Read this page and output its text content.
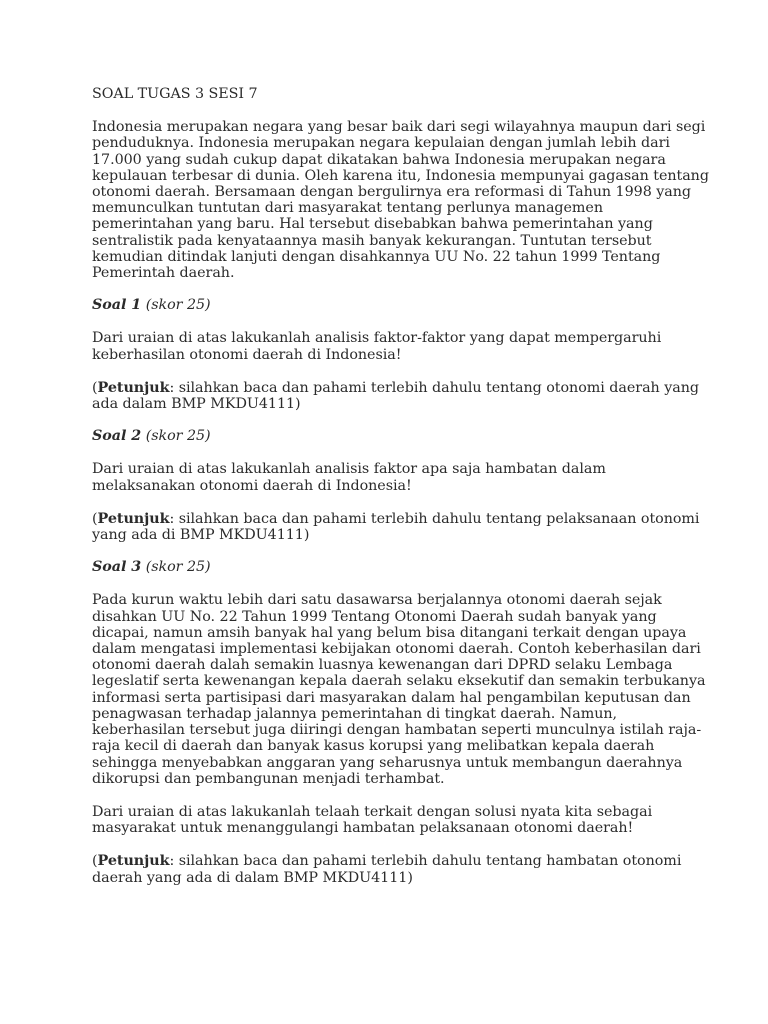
SOAL TUGAS 3 SESI 7

Indonesia merupakan negara yang besar baik dari segi wilayahnya maupun dari segi

penduduknya. Indonesia merupakan negara kepulaian dengan jumlah lebih dari

17.000 yang sudah cukup dapat dikatakan bahwa Indonesia merupakan negara

kepulauan terbesar di dunia. Oleh karena itu, Indonesia mempunyai gagasan tentang

otonomi daerah. Bersamaan dengan bergulirnya era reformasi di Tahun 1998 yang

memunculkan tuntutan dari masyarakat tentang perlunya managemen

pemerintahan yang baru. Hal tersebut disebabkan bahwa pemerintahan yang

sentralistik pada kenyataannya masih banyak kekurangan. Tuntutan tersebut

kemudian ditindak lanjuti dengan disahkannya UU No. 22 tahun 1999 Tentang

Pemerintah daerah.

Soal 1 (skor 25)

Dari uraian di atas lakukanlah analisis faktor-faktor yang dapat mempergaruhi

keberhasilan otonomi daerah di Indonesia!

(Petunjuk: silahkan baca dan pahami terlebih dahulu tentang otonomi daerah yang

ada dalam BMP MKDU4111)

Soal 2 (skor 25)

Dari uraian di atas lakukanlah analisis faktor apa saja hambatan dalam

melaksanakan otonomi daerah di Indonesia!

(Petunjuk: silahkan baca dan pahami terlebih dahulu tentang pelaksanaan otonomi

yang ada di BMP MKDU4111)

Soal 3 (skor 25)

Pada kurun waktu lebih dari satu dasawarsa berjalannya otonomi daerah sejak

disahkan UU No. 22 Tahun 1999 Tentang Otonomi Daerah sudah banyak yang

dicapai, namun amsih banyak hal yang belum bisa ditangani terkait dengan upaya

dalam mengatasi implementasi kebijakan otonomi daerah. Contoh keberhasilan dari

otonomi daerah dalah semakin luasnya kewenangan dari DPRD selaku Lembaga

legeslatif serta kewenangan kepala daerah selaku eksekutif dan semakin terbukanya

informasi serta partisipasi dari masyarakan dalam hal pengambilan keputusan dan

penagwasan terhadap jalannya pemerintahan di tingkat daerah. Namun,

keberhasilan tersebut juga diiringi dengan hambatan seperti munculnya istilah raja-

raja kecil di daerah dan banyak kasus korupsi yang melibatkan kepala daerah

sehingga menyebabkan anggaran yang seharusnya untuk membangun daerahnya

dikorupsi dan pembangunan menjadi terhambat.

Dari uraian di atas lakukanlah telaah terkait dengan solusi nyata kita sebagai

masyarakat untuk menanggulangi hambatan pelaksanaan otonomi daerah!

(Petunjuk: silahkan baca dan pahami terlebih dahulu tentang hambatan otonomi

daerah yang ada di dalam BMP MKDU4111)
